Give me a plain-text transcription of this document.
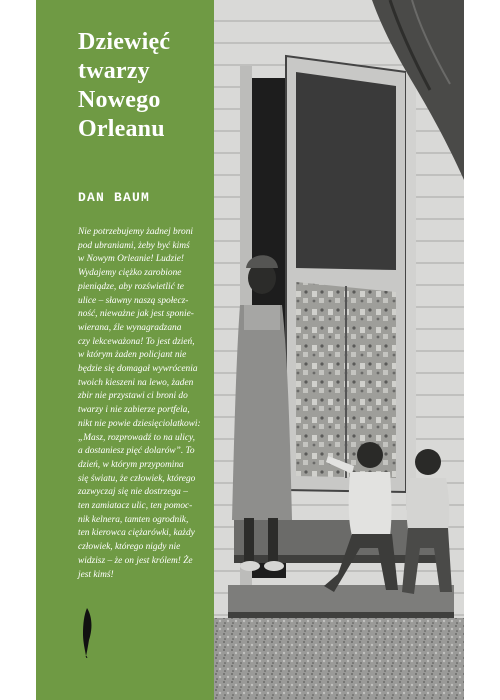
Dziewięć
twarzy
Nowego
Orleanu

DAN BAUM

Nie potrzebujemy żadnej broni
pod ubraniami, żeby być kimś
w Nowym Orleanie! Ludzie!
Wydajemy ciężko zarobione
pieniądze, aby rozświetlić te
ulice – sławny naszą społecz-
ność, nieważne jak jest sponie-
wierana, źle wynagradzana
czy lekceważona! To jest dzień,
w którym żaden policjant nie
będzie się domagał wywrócenia
twoich kieszeni na lewo, żaden
zbir nie przystawi ci broni do
twarzy i nie zabierze portfela,
nikt nie powie dziesięciolatkowi:
„Masz, rozprowadź to na ulicy,
a dostaniesz pięć dolarów”. To
dzień, w którym przypomina
się światu, że człowiek, którego
zazwyczaj się nie dostrzega –
ten zamiatacz ulic, ten pomoc-
nik kelnera, tamten ogrodnik,
ten kierowca ciężarówki, każdy
człowiek, którego nigdy nie
widzisz – że on jest królem! Że
jest kimś!
